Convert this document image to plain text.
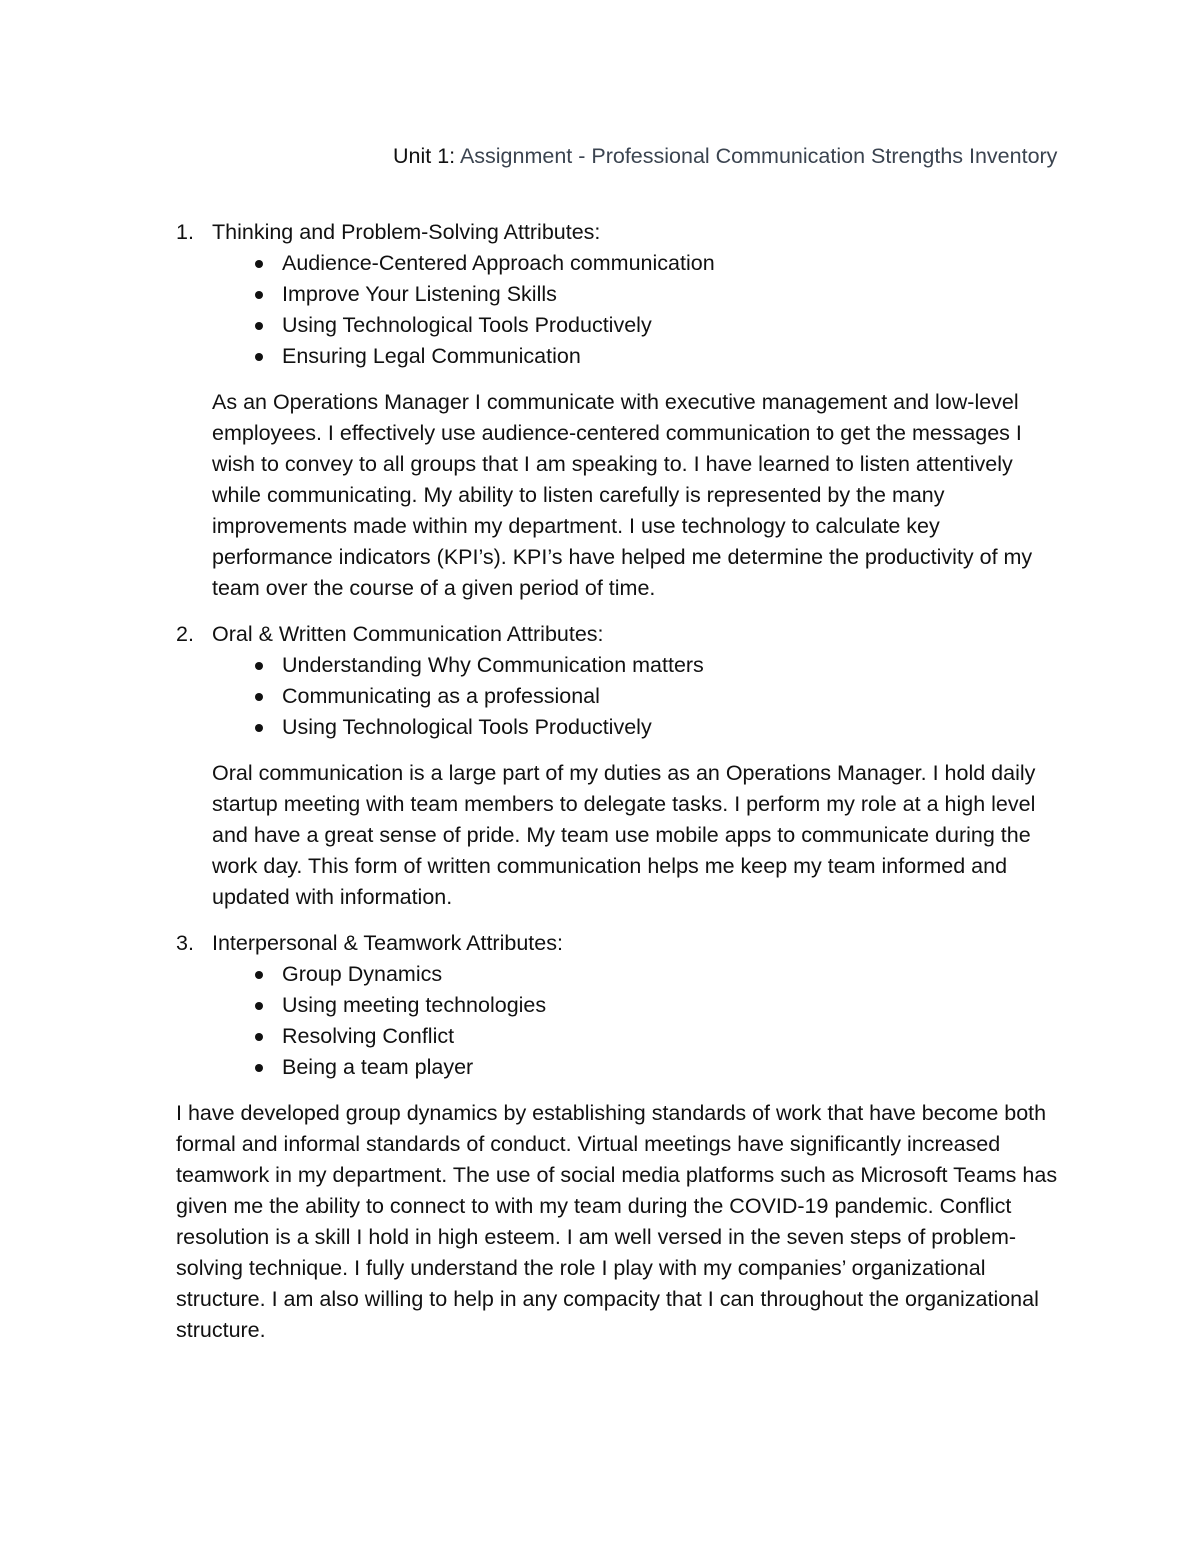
Unit 1: Assignment - Professional Communication Strengths Inventory
1. Thinking and Problem-Solving Attributes:
Audience-Centered Approach communication
Improve Your Listening Skills
Using Technological Tools Productively
Ensuring Legal Communication

As an Operations Manager I communicate with executive management and low-level employees. I effectively use audience-centered communication to get the messages I wish to convey to all groups that I am speaking to. I have learned to listen attentively while communicating. My ability to listen carefully is represented by the many improvements made within my department. I use technology to calculate key performance indicators (KPI’s). KPI’s have helped me determine the productivity of my team over the course of a given period of time.

2. Oral & Written Communication Attributes:
Understanding Why Communication matters
Communicating as a professional
Using Technological Tools Productively

Oral communication is a large part of my duties as an Operations Manager. I hold daily startup meeting with team members to delegate tasks. I perform my role at a high level and have a great sense of pride. My team use mobile apps to communicate during the work day. This form of written communication helps me keep my team informed and updated with information.

3. Interpersonal & Teamwork Attributes:
Group Dynamics
Using meeting technologies
Resolving Conflict
Being a team player

I have developed group dynamics by establishing standards of work that have become both formal and informal standards of conduct. Virtual meetings have significantly increased teamwork in my department. The use of social media platforms such as Microsoft Teams has given me the ability to connect to with my team during the COVID-19 pandemic. Conflict resolution is a skill I hold in high esteem. I am well versed in the seven steps of problem-solving technique. I fully understand the role I play with my companies’ organizational structure. I am also willing to help in any compacity that I can throughout the organizational structure.
